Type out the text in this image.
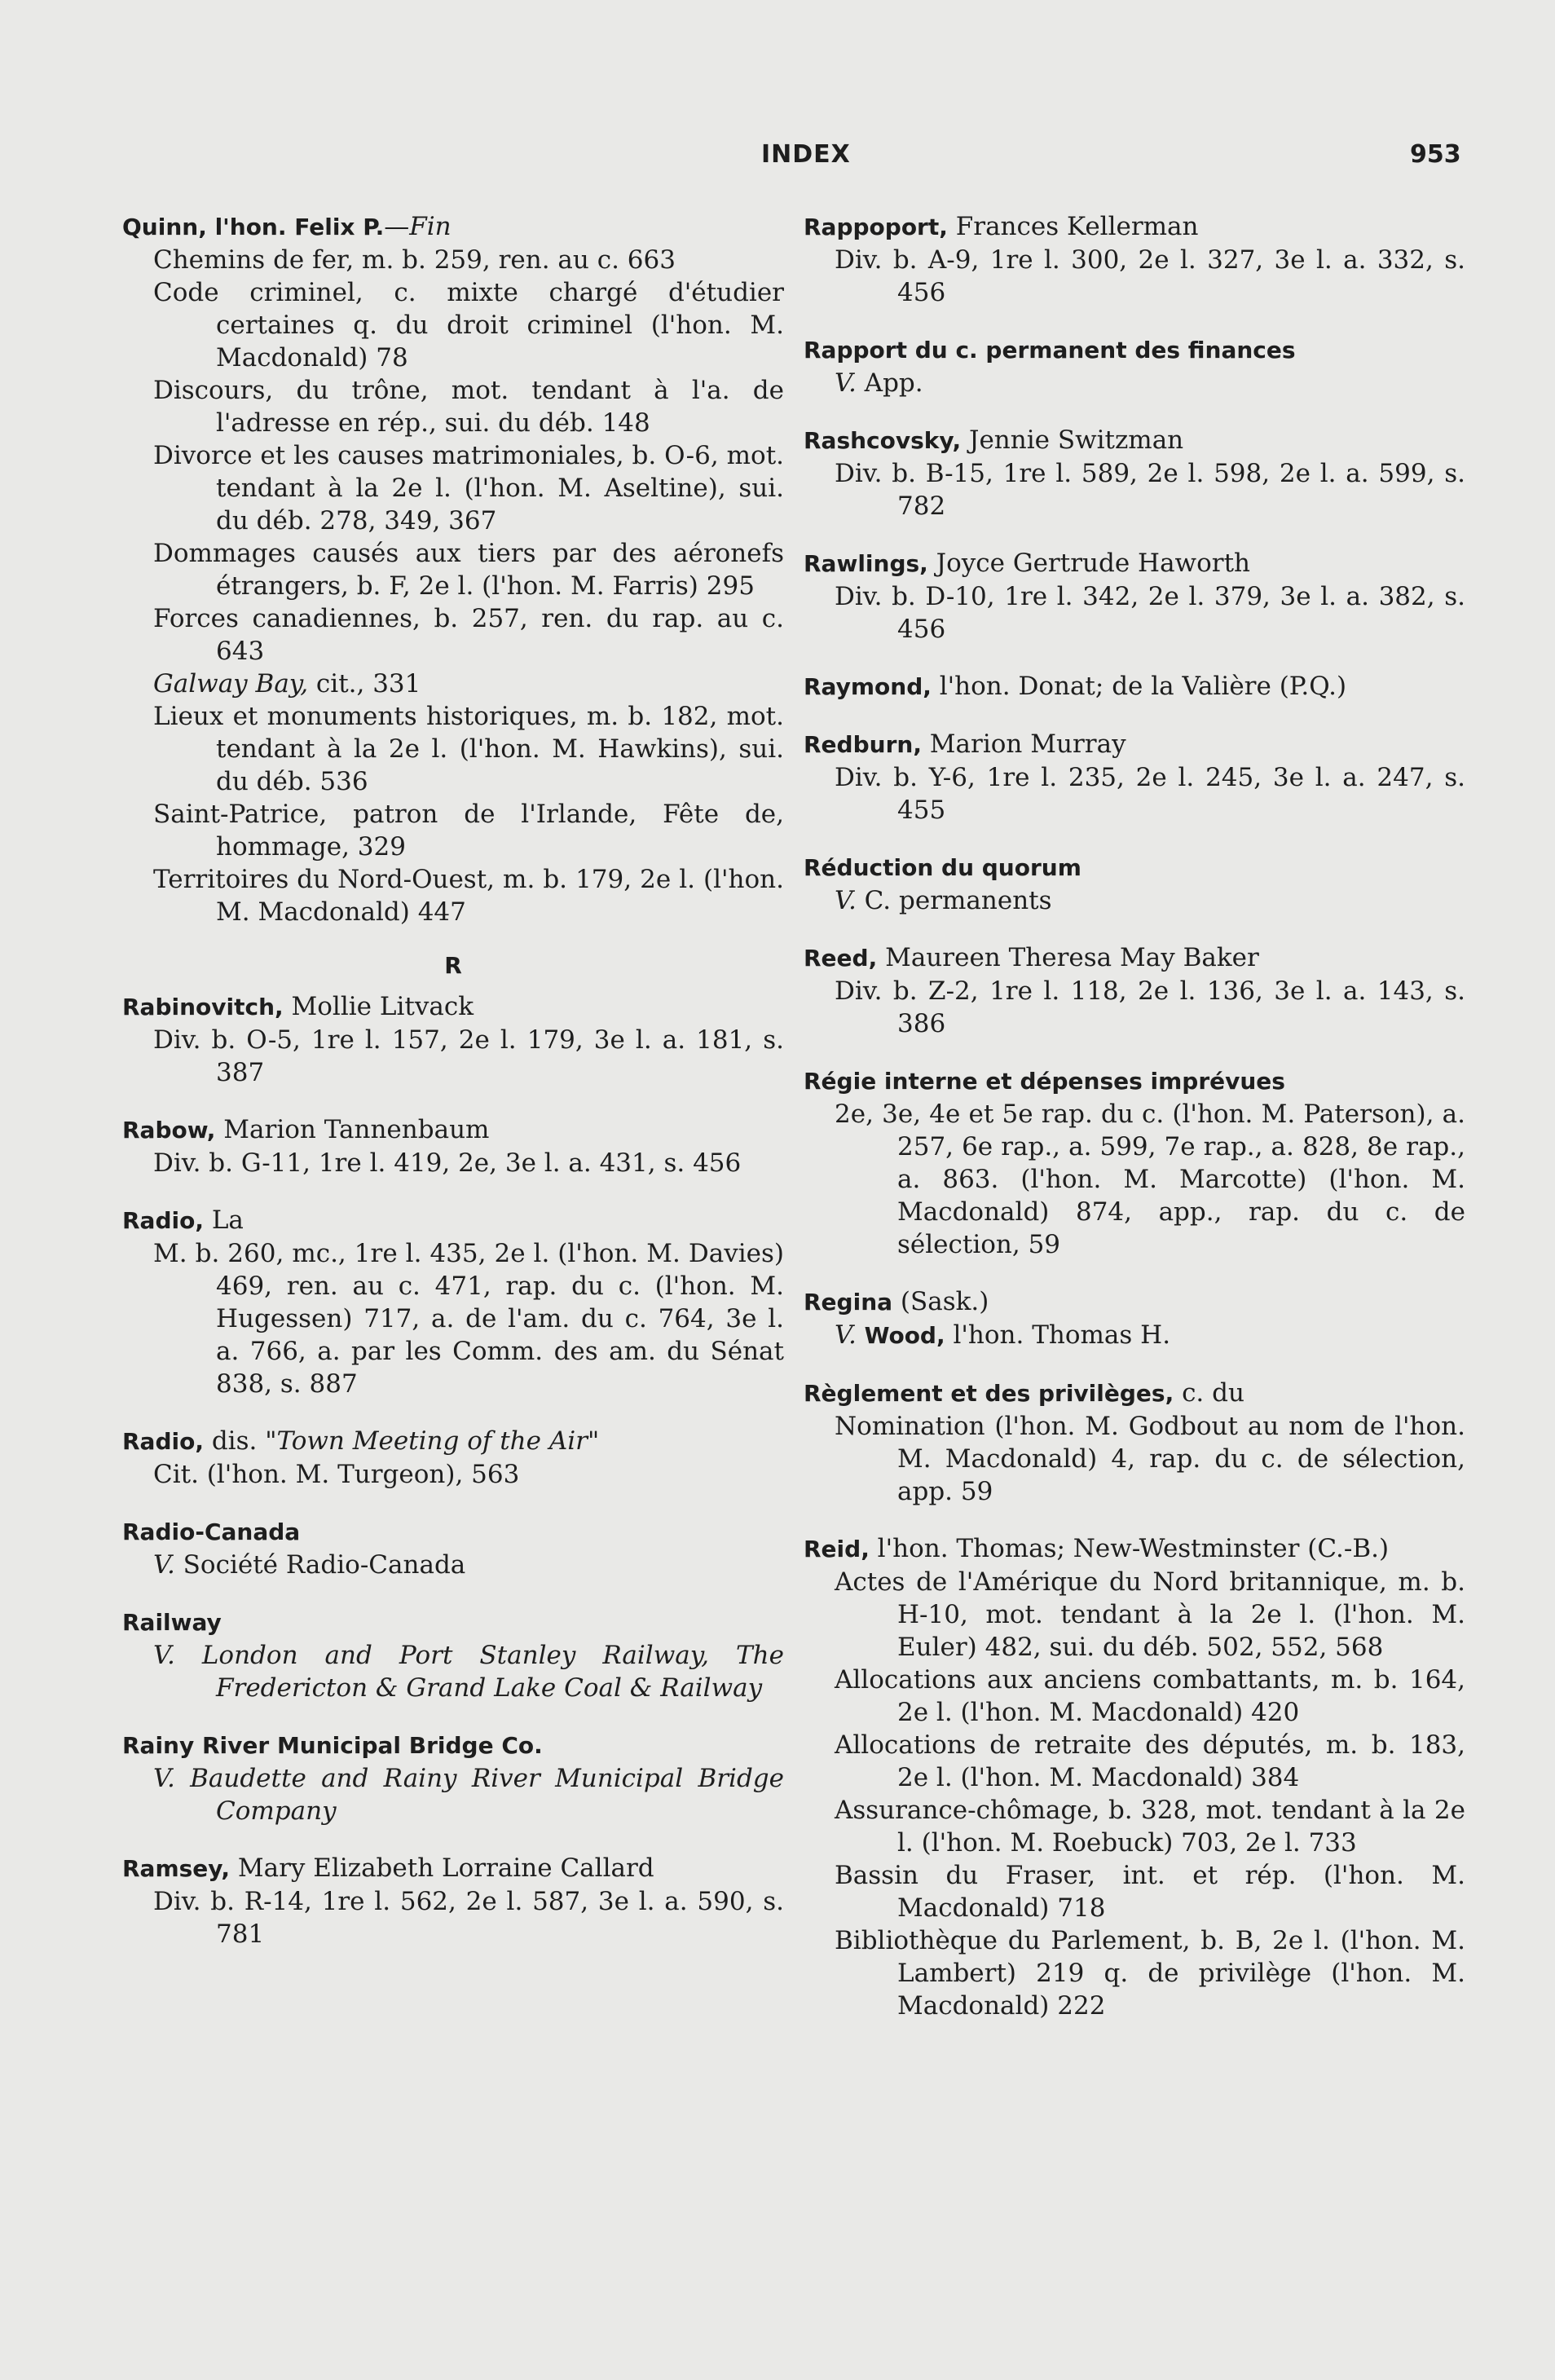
INDEX	953
Quinn, l'hon. Felix P.—Fin
Chemins de fer, m. b. 259, ren. au c. 663
Code criminel, c. mixte chargé d'étudier certaines q. du droit criminel (l'hon. M. Macdonald) 78
Discours, du trône, mot. tendant à l'a. de l'adresse en rép., sui. du déb. 148
Divorce et les causes matrimoniales, b. O-6, mot. tendant à la 2e l. (l'hon. M. Aseltine), sui. du déb. 278, 349, 367
Dommages causés aux tiers par des aéronefs étrangers, b. F, 2e l. (l'hon. M. Farris) 295
Forces canadiennes, b. 257, ren. du rap. au c. 643
Galway Bay, cit., 331
Lieux et monuments historiques, m. b. 182, mot. tendant à la 2e l. (l'hon. M. Hawkins), sui. du déb. 536
Saint-Patrice, patron de l'Irlande, Fête de, hommage, 329
Territoires du Nord-Ouest, m. b. 179, 2e l. (l'hon. M. Macdonald) 447
R
Rabinovitch, Mollie Litvack
Div. b. O-5, 1re l. 157, 2e l. 179, 3e l. a. 181, s. 387
Rabow, Marion Tannenbaum
Div. b. G-11, 1re l. 419, 2e, 3e l. a. 431, s. 456
Radio, La
M. b. 260, mc., 1re l. 435, 2e l. (l'hon. M. Davies) 469, ren. au c. 471, rap. du c. (l'hon. M. Hugessen) 717, a. de l'am. du c. 764, 3e l. a. 766, a. par les Comm. des am. du Sénat 838, s. 887
Radio, dis. "Town Meeting of the Air"
Cit. (l'hon. M. Turgeon), 563
Radio-Canada
V. Société Radio-Canada
Railway
V. London and Port Stanley Railway, The Fredericton & Grand Lake Coal & Railway
Rainy River Municipal Bridge Co.
V. Baudette and Rainy River Municipal Bridge Company
Ramsey, Mary Elizabeth Lorraine Callard
Div. b. R-14, 1re l. 562, 2e l. 587, 3e l. a. 590, s. 781
Rappoport, Frances Kellerman
Div. b. A-9, 1re l. 300, 2e l. 327, 3e l. a. 332, s. 456
Rapport du c. permanent des finances
V. App.
Rashcovsky, Jennie Switzman
Div. b. B-15, 1re l. 589, 2e l. 598, 2e l. a. 599, s. 782
Rawlings, Joyce Gertrude Haworth
Div. b. D-10, 1re l. 342, 2e l. 379, 3e l. a. 382, s. 456
Raymond, l'hon. Donat; de la Valière (P.Q.)
Redburn, Marion Murray
Div. b. Y-6, 1re l. 235, 2e l. 245, 3e l. a. 247, s. 455
Réduction du quorum
V. C. permanents
Reed, Maureen Theresa May Baker
Div. b. Z-2, 1re l. 118, 2e l. 136, 3e l. a. 143, s. 386
Régie interne et dépenses imprévues
2e, 3e, 4e et 5e rap. du c. (l'hon. M. Paterson), a. 257, 6e rap., a. 599, 7e rap., a. 828, 8e rap., a. 863. (l'hon. M. Marcotte) (l'hon. M. Macdonald) 874, app., rap. du c. de sélection, 59
Regina (Sask.)
V. Wood, l'hon. Thomas H.
Règlement et des privilèges, c. du
Nomination (l'hon. M. Godbout au nom de l'hon. M. Macdonald) 4, rap. du c. de sélection, app. 59
Reid, l'hon. Thomas; New-Westminster (C.-B.)
Actes de l'Amérique du Nord britannique, m. b. H-10, mot. tendant à la 2e l. (l'hon. M. Euler) 482, sui. du déb. 502, 552, 568
Allocations aux anciens combattants, m. b. 164, 2e l. (l'hon. M. Macdonald) 420
Allocations de retraite des députés, m. b. 183, 2e l. (l'hon. M. Macdonald) 384
Assurance-chômage, b. 328, mot. tendant à la 2e l. (l'hon. M. Roebuck) 703, 2e l. 733
Bassin du Fraser, int. et rép. (l'hon. M. Macdonald) 718
Bibliothèque du Parlement, b. B, 2e l. (l'hon. M. Lambert) 219 q. de privilège (l'hon. M. Macdonald) 222
